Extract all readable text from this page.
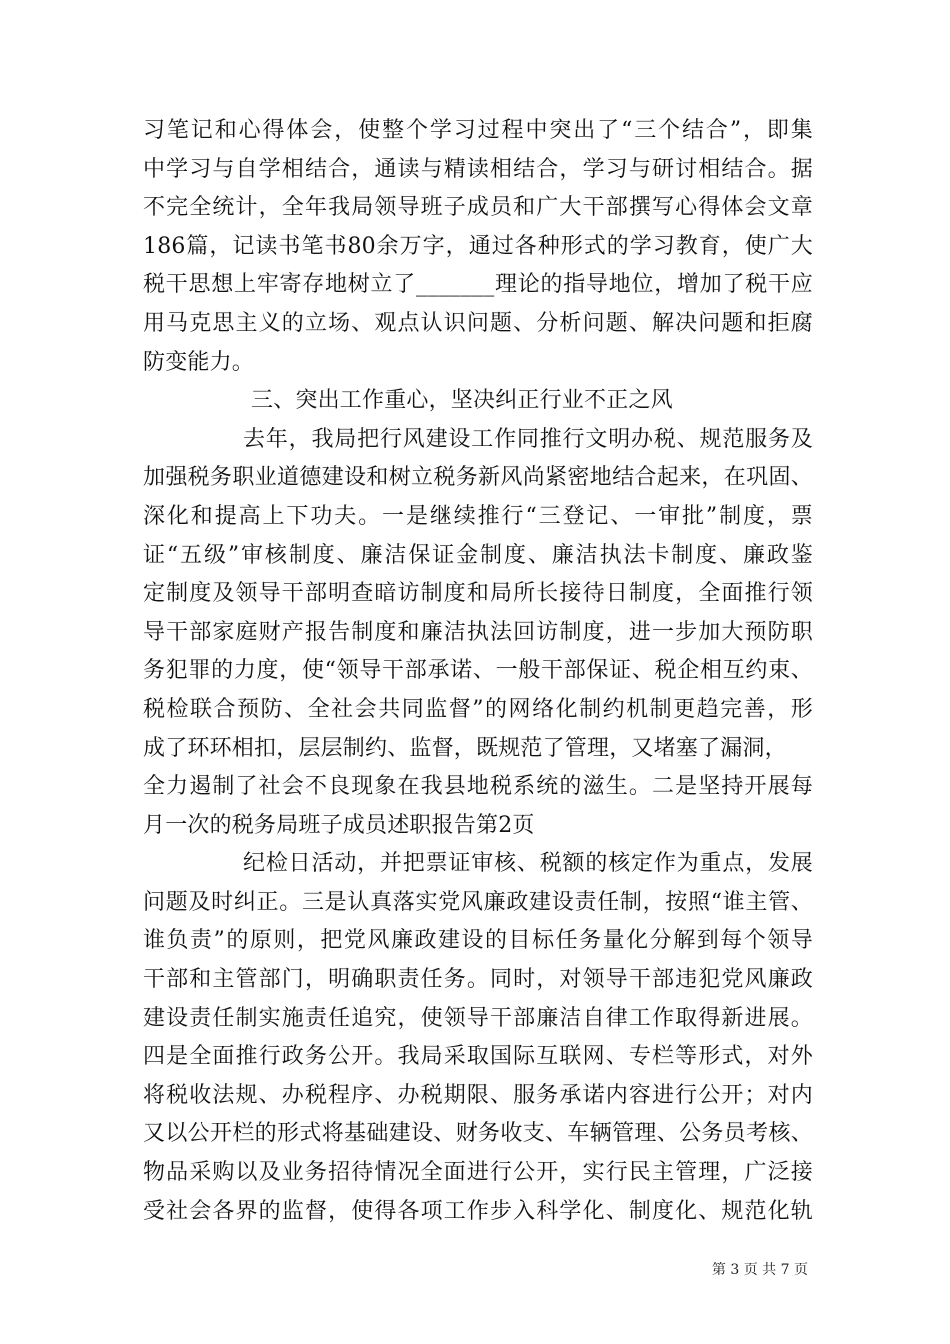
习笔记和心得体会，使整个学习过程中突出了“三个结合”，即集
中学习与自学相结合，通读与精读相结合，学习与研讨相结合。据
不完全统计，全年我局领导班子成员和广大干部撰写心得体会文章
186篇，记读书笔书80余万字，通过各种形式的学习教育，使广大
税干思想上牢寄存地树立了_______理论的指导地位，增加了税干应
用马克思主义的立场、观点认识问题、分析问题、解决问题和拒腐
防变能力。
三、突出工作重心，坚决纠正行业不正之风
去年，我局把行风建设工作同推行文明办税、规范服务及
加强税务职业道德建设和树立税务新风尚紧密地结合起来，在巩固、
深化和提高上下功夫。一是继续推行“三登记、一审批”制度，票
证“五级”审核制度、廉洁保证金制度、廉洁执法卡制度、廉政鉴
定制度及领导干部明查暗访制度和局所长接待日制度，全面推行领
导干部家庭财产报告制度和廉洁执法回访制度，进一步加大预防职
务犯罪的力度，使“领导干部承诺、一般干部保证、税企相互约束、
税检联合预防、全社会共同监督”的网络化制约机制更趋完善，形
成了环环相扣，层层制约、监督，既规范了管理，又堵塞了漏洞，
全力遏制了社会不良现象在我县地税系统的滋生。二是坚持开展每
月一次的税务局班子成员述职报告第2页
纪检日活动，并把票证审核、税额的核定作为重点，发展
问题及时纠正。三是认真落实党风廉政建设责任制，按照“谁主管、
谁负责”的原则，把党风廉政建设的目标任务量化分解到每个领导
干部和主管部门，明确职责任务。同时，对领导干部违犯党风廉政
建设责任制实施责任追究，使领导干部廉洁自律工作取得新进展。
四是全面推行政务公开。我局采取国际互联网、专栏等形式，对外
将税收法规、办税程序、办税期限、服务承诺内容进行公开；对内
又以公开栏的形式将基础建设、财务收支、车辆管理、公务员考核、
物品采购以及业务招待情况全面进行公开，实行民主管理，广泛接
受社会各界的监督，使得各项工作步入科学化、制度化、规范化轨
第 3 页 共 7 页
